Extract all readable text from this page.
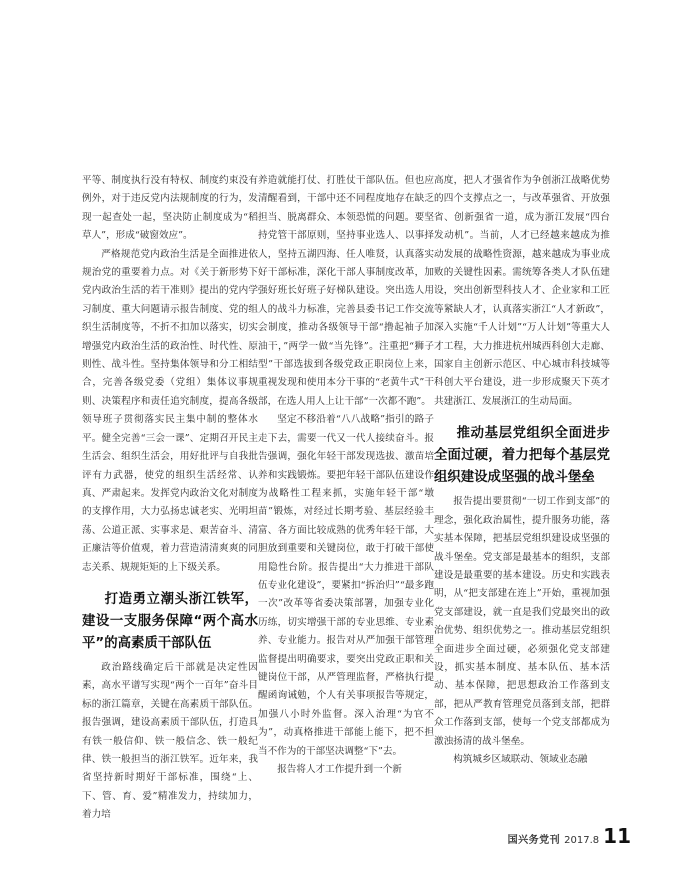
平等、制度执行没有特权、制度约束没有例外，对于违反党内法规制度的行为，发现一起查处一起，坚决防止制度成为“稻草人”，形成“破窗效应”。

严格规范党内政治生活是全面推进依规治党的重要着力点。对《关于新形势下党内政治生活的若干准则》提出的党内学习制度、重大问题请示报告制度、党的组织生活制度等，不折不扣加以落实，切实增强党内政治生活的政治性、时代性、原则性、战斗性。坚持集体领导和分工相结合，完善各级党委（党组）集体议事规则、决策程序和责任追究制度，提高各级领导班子贯彻落实民主集中制的整体水平。健全完善“三会一课”、定期召开民主生活会、组织生活会，用好批评与自我批评有力武器，使党的组织生活经常、认真、严肃起来。发挥党内政治文化对制度的支撑作用，大力弘扬忠诚老实、光明坦荡、公道正派、实事求是、艰苦奋斗、清正廉洁等价值观，着力营造清清爽爽的同志关系、规规矩矩的上下级关系。

打造勇立潮头浙江铁军，建设一支服务保障“两个高水平”的高素质干部队伍

政治路线确定后干部就是决定性因素，高水平谱写实现“两个一百年”奋斗目标的浙江篇章，关键在高素质干部队伍。报告强调，建设高素质干部队伍，打造具有铁一般信仰、铁一般信念、铁一般纪律、铁一般担当的浙江铁军。近年来，我省坚持新时期好干部标准，围绕“上、下、管、育、爱”精准发力，持续加力，着力培

养造就能打仗、打胜仗干部队伍。但也应清醒看到，干部中还不同程度地存在缺乏担当、脱离群众、本领恐慌的问题。要坚持党管干部原则，坚持事业选人、以事择人，坚持五湖四海、任人唯贤，认真落实好干部标准，深化干部人事制度改革，加强好班长好班子好梯队建设。突出选人用人的战斗力标准，完善县委书记工作交流会制度，推动各级领导干部“撸起袖子加油干，”两学一做“当先锋”。注重把“狮子型”干部选拔到各级党政正职岗位上来，重视发现和使用本分干事的“老黄牛式”干部，在选人用人上让干部“一次都不跑”。

坚定不移沿着“八八战略”指引的路子走下去，需要一代又一代人接续奋斗。报告强调，强化年轻干部发现选拔、激苗培养和实践锻炼。要把年轻干部队伍建设作为战略性工程来抓，实施年轻干部“墩苗”锻炼，对经过长期考验、基层经验丰富、各方面比较成熟的优秀年轻干部，大胆放到重要和关键岗位，敢于打破干部使用隐性台阶。报告提出“大力推进干部队伍专业化建设”，要紧扣“拆治归”“最多跑一次”改革等省委决策部署，加强专业化历练，切实增强干部的专业思维、专业素养、专业能力。报告对从严加强干部管理监督提出明确要求，要突出党政正职和关键岗位干部，从严管理监督，严格执行提醒函询诫勉，个人有关事项报告等规定，加强八小时外监督。深入治理“为官不为”，动真格推进干部能上能下，把不担当不作为的干部坚决调整“下”去。

报告将人才工作提升到一个新

高度，把人才强省作为争创浙江战略优势的四个支撑点之一，与改革强省、开放强省、创新强省一道，成为浙江发展“四台发动机”。当前，人才已经越来越成为推动发展的战略性资源，越来越成为事业成败的关键性因素。需统筹各类人才队伍建设，突出创新型科技人才、企业家和工匠等紧缺人才，认真落实浙江“人才新政”，深入实施“千人计划”“万人计划”等重大人才工程，大力推进杭州城西科创大走廊、国家自主创新示范区、中心城市科技城等科创大平台建设，进一步形成聚天下英才共建浙江、发展浙江的生动局面。

推动基层党组织全面进步全面过硬，着力把每个基层党组织建设成坚强的战斗堡垒

报告提出要贯彻“一切工作到支部”的理念，强化政治属性，提升服务功能，落实基本保障，把基层党组织建设成坚强的战斗堡垒。党支部是最基本的组织，支部建设是最重要的基本建设。历史和实践表明，从“把支部建在连上”开始，重视加强党支部建设，就一直是我们党最突出的政治优势、组织优势之一。推动基层党组织全面进步全面过硬，必须强化党支部建设，抓实基本制度、基本队伍、基本活动、基本保障，把思想政治工作落到支部，把从严教育管理党员落到支部，把群众工作落到支部，使每一个党支部都成为激浊扬清的战斗堡垒。

构筑城乡区域联动、领域业态融

国兴务党刊 2017.8 11
